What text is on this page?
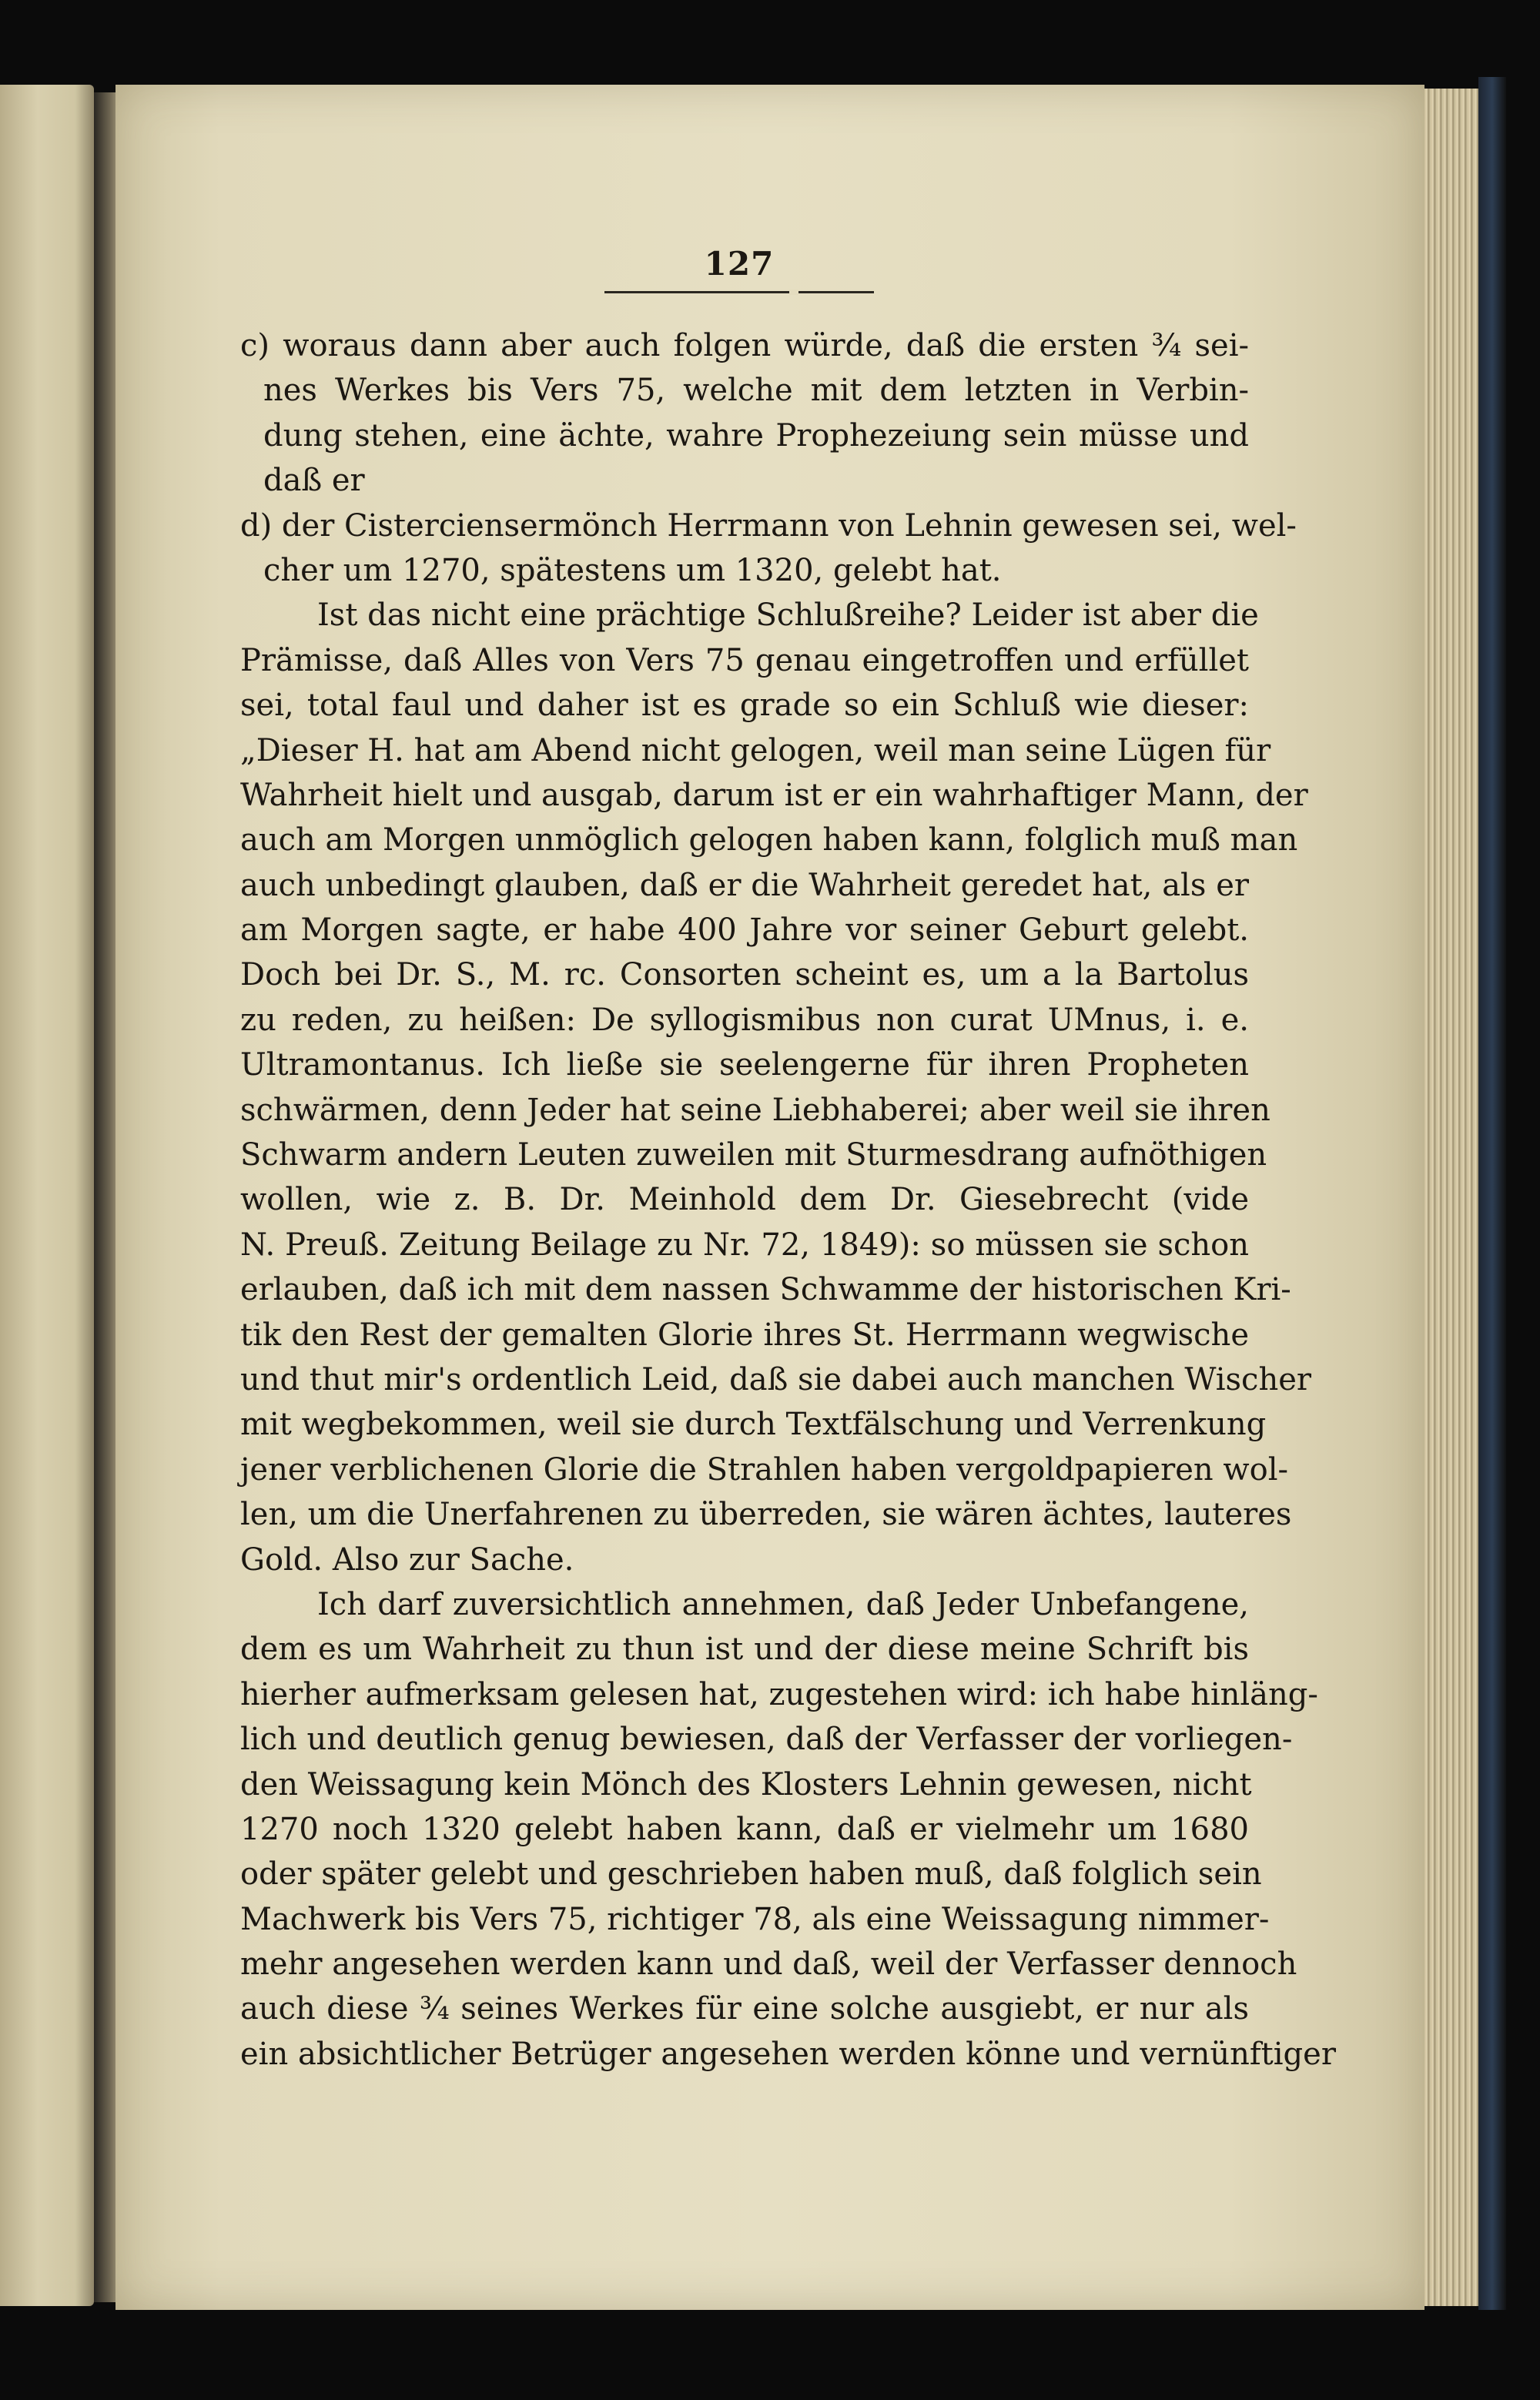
127
c) woraus dann aber auch folgen würde, daß die ersten ¾ sei-
nes Werkes bis Vers 75, welche mit dem letzten in Verbin-
dung stehen, eine ächte, wahre Prophezeiung sein müsse und
daß er
d) der Cisterciensermönch Herrmann von Lehnin gewesen sei, wel-
cher um 1270, spätestens um 1320, gelebt hat.
Ist das nicht eine prächtige Schlußreihe? Leider ist aber die
Prämisse, daß Alles von Vers 75 genau eingetroffen und erfüllet
sei, total faul und daher ist es grade so ein Schluß wie dieser:
„Dieser H. hat am Abend nicht gelogen, weil man seine Lügen für
Wahrheit hielt und ausgab, darum ist er ein wahrhaftiger Mann, der
auch am Morgen unmöglich gelogen haben kann, folglich muß man
auch unbedingt glauben, daß er die Wahrheit geredet hat, als er
am Morgen sagte, er habe 400 Jahre vor seiner Geburt gelebt.
Doch bei Dr. S., M. rc. Consorten scheint es, um a la Bartolus
zu reden, zu heißen: De syllogismibus non curat UMnus, i. e.
Ultramontanus. Ich ließe sie seelengerne für ihren Propheten
schwärmen, denn Jeder hat seine Liebhaberei; aber weil sie ihren
Schwarm andern Leuten zuweilen mit Sturmesdrang aufnöthigen
wollen, wie z. B. Dr. Meinhold dem Dr. Giesebrecht (vide
N. Preuß. Zeitung Beilage zu Nr. 72, 1849): so müssen sie schon
erlauben, daß ich mit dem nassen Schwamme der historischen Kri-
tik den Rest der gemalten Glorie ihres St. Herrmann wegwische
und thut mir's ordentlich Leid, daß sie dabei auch manchen Wischer
mit wegbekommen, weil sie durch Textfälschung und Verrenkung
jener verblichenen Glorie die Strahlen haben vergoldpapieren wol-
len, um die Unerfahrenen zu überreden, sie wären ächtes, lauteres
Gold. Also zur Sache.
Ich darf zuversichtlich annehmen, daß Jeder Unbefangene,
dem es um Wahrheit zu thun ist und der diese meine Schrift bis
hierher aufmerksam gelesen hat, zugestehen wird: ich habe hinläng-
lich und deutlich genug bewiesen, daß der Verfasser der vorliegen-
den Weissagung kein Mönch des Klosters Lehnin gewesen, nicht
1270 noch 1320 gelebt haben kann, daß er vielmehr um 1680
oder später gelebt und geschrieben haben muß, daß folglich sein
Machwerk bis Vers 75, richtiger 78, als eine Weissagung nimmer-
mehr angesehen werden kann und daß, weil der Verfasser dennoch
auch diese ¾ seines Werkes für eine solche ausgiebt, er nur als
ein absichtlicher Betrüger angesehen werden könne und vernünftiger
